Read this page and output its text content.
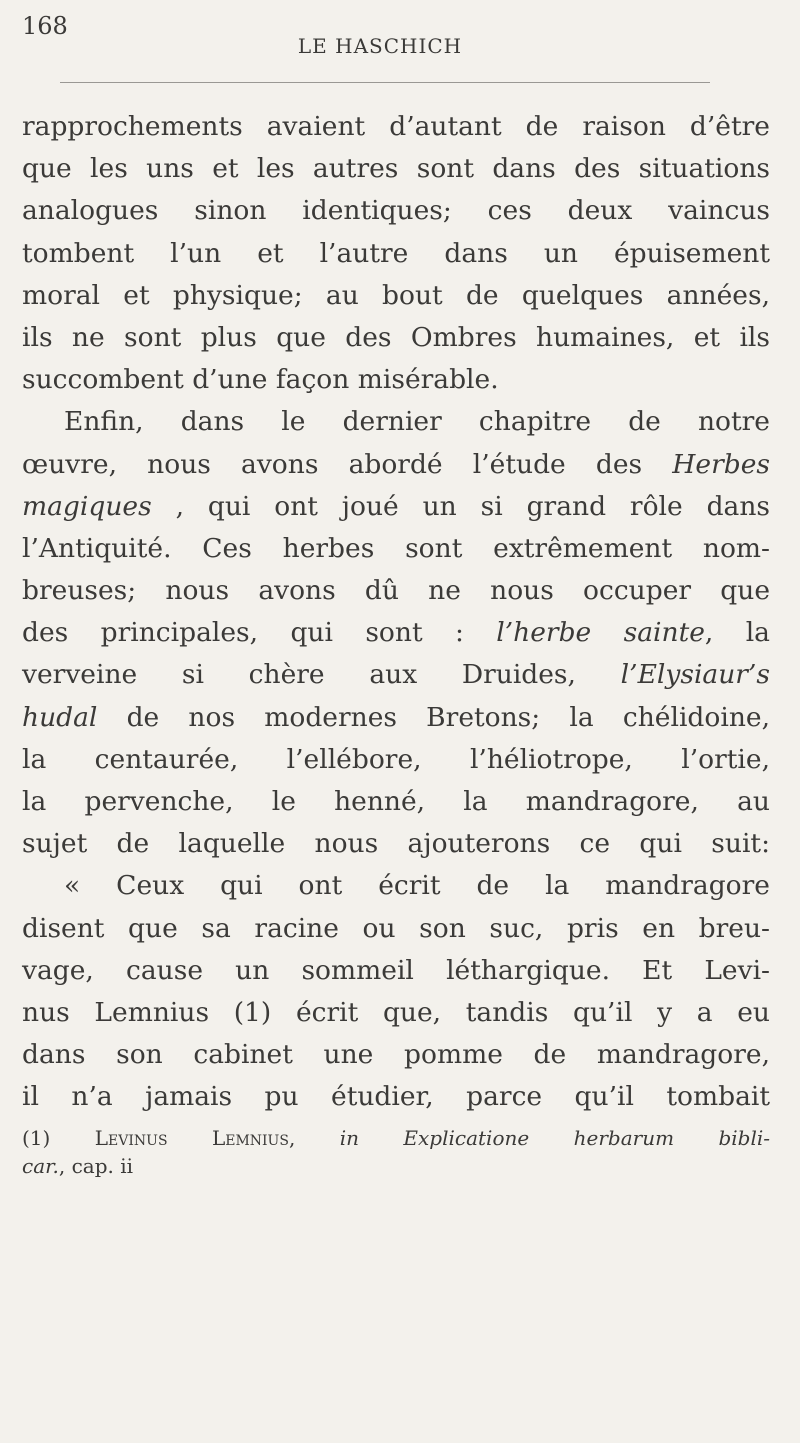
168
LE HASCHICH
rapprochements avaient d’autant de raison d’être
que les uns et les autres sont dans des situations
analogues sinon identiques; ces deux vaincus
tombent l’un et l’autre dans un épuisement
moral et physique; au bout de quelques années,
ils ne sont plus que des Ombres humaines, et ils
succombent d’une façon misérable.
Enfin, dans le dernier chapitre de notre
œuvre, nous avons abordé l’étude des Herbes
magiques , qui ont joué un si grand rôle dans
l’Antiquité. Ces herbes sont extrêmement nom-
breuses; nous avons dû ne nous occuper que
des principales, qui sont : l’herbe sainte, la
verveine si chère aux Druides, l’Elysiaur’s
hudal de nos modernes Bretons; la chélidoine,
la centaurée, l’ellébore, l’héliotrope, l’ortie,
la pervenche, le henné, la mandragore, au
sujet de laquelle nous ajouterons ce qui suit:
« Ceux qui ont écrit de la mandragore
disent que sa racine ou son suc, pris en breu-
vage, cause un sommeil léthargique. Et Levi-
nus Lemnius (1) écrit que, tandis qu’il y a eu
dans son cabinet une pomme de mandragore,
il n’a jamais pu étudier, parce qu’il tombait
(1) Levinus Lemnius, in Explicatione herbarum bibli-
car., cap. ii
